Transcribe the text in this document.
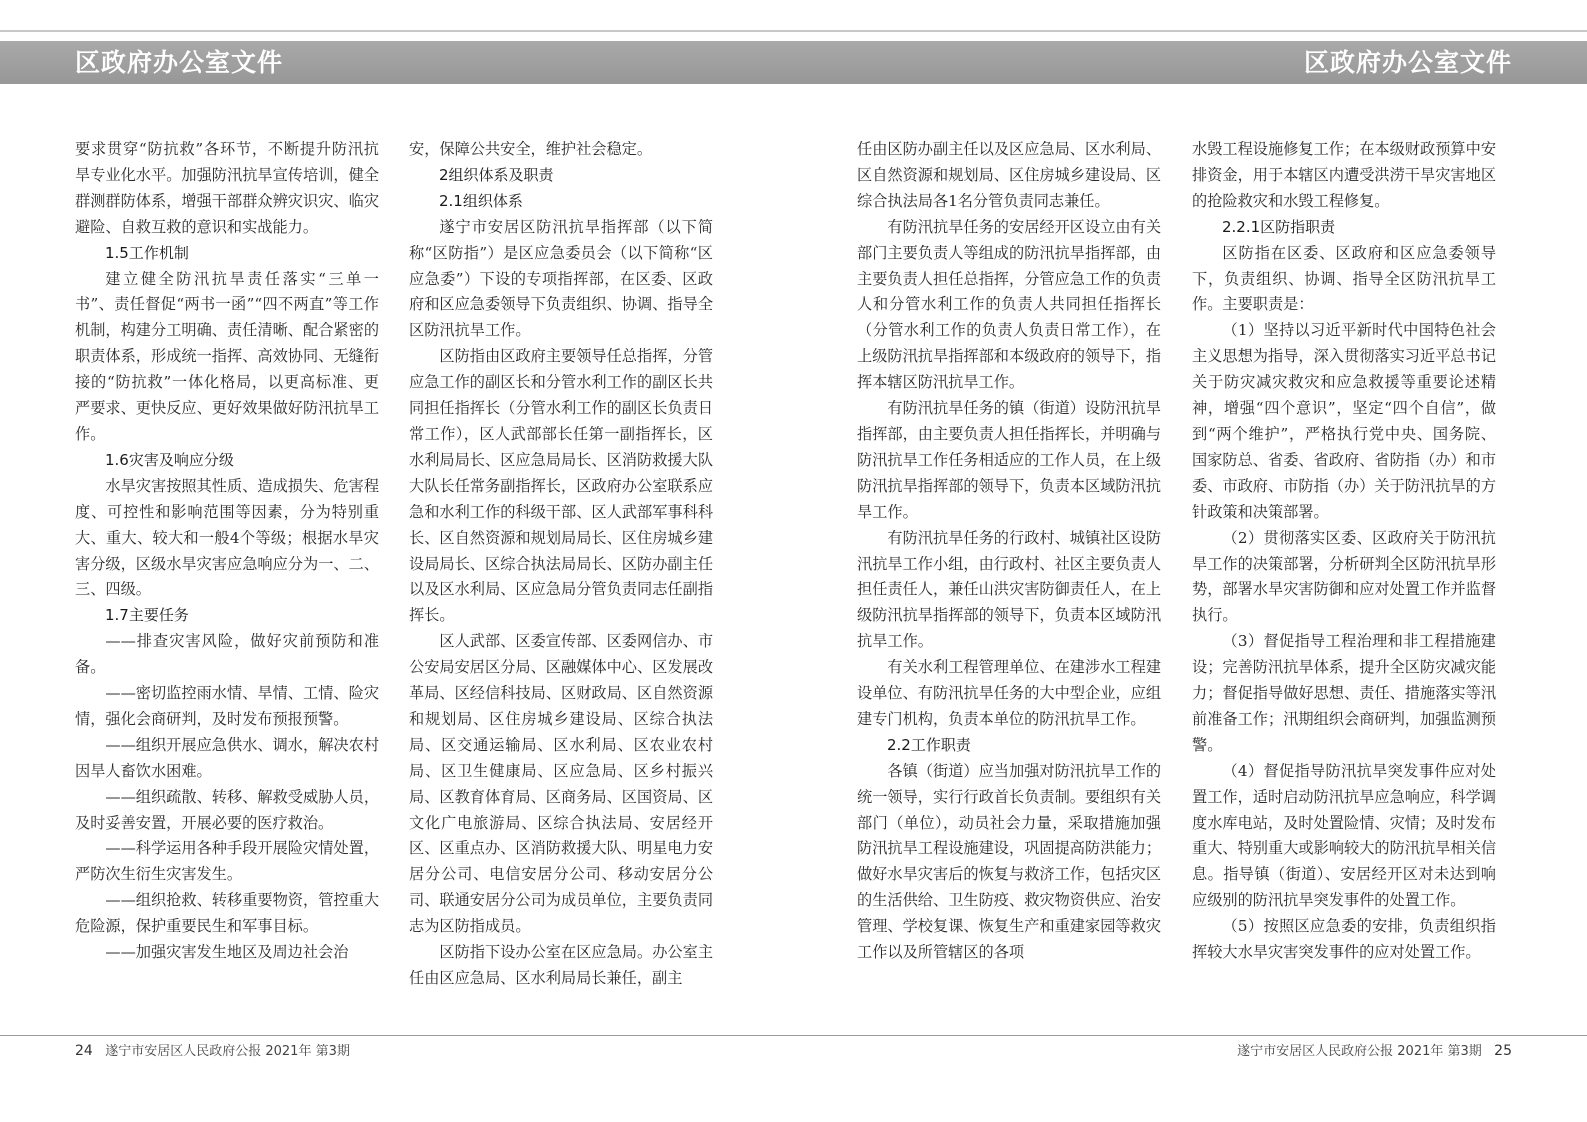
区政府办公室文件	区政府办公室文件

要求贯穿“防抗救”各环节，不断提升防汛抗旱专业化水平。加强防汛抗旱宣传培训，健全群测群防体系，增强干部群众辨灾识灾、临灾避险、自救互救的意识和实战能力。

1.5工作机制

建立健全防汛抗旱责任落实“三单一书”、责任督促“两书一函”“四不两直”等工作机制，构建分工明确、责任清晰、配合紧密的职责体系，形成统一指挥、高效协同、无缝衔接的“防抗救”一体化格局，以更高标准、更严要求、更快反应、更好效果做好防汛抗旱工作。

1.6灾害及响应分级

水旱灾害按照其性质、造成损失、危害程度、可控性和影响范围等因素，分为特别重大、重大、较大和一般4个等级；根据水旱灾害分级，区级水旱灾害应急响应分为一、二、三、四级。

1.7主要任务

——排查灾害风险，做好灾前预防和准备。

——密切监控雨水情、旱情、工情、险灾情，强化会商研判，及时发布预报预警。

——组织开展应急供水、调水，解决农村因旱人畜饮水困难。

——组织疏散、转移、解救受威胁人员，及时妥善安置，开展必要的医疗救治。

——科学运用各种手段开展险灾情处置，严防次生衍生灾害发生。

——组织抢救、转移重要物资，管控重大危险源，保护重要民生和军事目标。

——加强灾害发生地区及周边社会治

安，保障公共安全，维护社会稳定。

2组织体系及职责
2.1组织体系

遂宁市安居区防汛抗旱指挥部（以下简称“区防指”）是区应急委员会（以下简称“区应急委”）下设的专项指挥部，在区委、区政府和区应急委领导下负责组织、协调、指导全区防汛抗旱工作。

区防指由区政府主要领导任总指挥，分管应急工作的副区长和分管水利工作的副区长共同担任指挥长（分管水利工作的副区长负责日常工作），区人武部部长任第一副指挥长，区水利局局长、区应急局局长、区消防救援大队大队长任常务副指挥长，区政府办公室联系应急和水利工作的科级干部、区人武部军事科科长、区自然资源和规划局局长、区住房城乡建设局局长、区综合执法局局长、区防办副主任以及区水利局、区应急局分管负责同志任副指挥长。

区人武部、区委宣传部、区委网信办、市公安局安居区分局、区融媒体中心、区发展改革局、区经信科技局、区财政局、区自然资源和规划局、区住房城乡建设局、区综合执法局、区交通运输局、区水利局、区农业农村局、区卫生健康局、区应急局、区乡村振兴局、区教育体育局、区商务局、区国资局、区文化广电旅游局、区综合执法局、安居经开区、区重点办、区消防救援大队、明星电力安居分公司、电信安居分公司、移动安居分公司、联通安居分公司为成员单位，主要负责同志为区防指成员。

区防指下设办公室在区应急局。办公室主任由区应急局、区水利局局长兼任，副主

任由区防办副主任以及区应急局、区水利局、区自然资源和规划局、区住房城乡建设局、区综合执法局各1名分管负责同志兼任。

有防汛抗旱任务的安居经开区设立由有关部门主要负责人等组成的防汛抗旱指挥部，由主要负责人担任总指挥，分管应急工作的负责人和分管水利工作的负责人共同担任指挥长（分管水利工作的负责人负责日常工作），在上级防汛抗旱指挥部和本级政府的领导下，指挥本辖区防汛抗旱工作。

有防汛抗旱任务的镇（街道）设防汛抗旱指挥部，由主要负责人担任指挥长，并明确与防汛抗旱工作任务相适应的工作人员，在上级防汛抗旱指挥部的领导下，负责本区域防汛抗旱工作。

有防汛抗旱任务的行政村、城镇社区设防汛抗旱工作小组，由行政村、社区主要负责人担任责任人，兼任山洪灾害防御责任人，在上级防汛抗旱指挥部的领导下，负责本区域防汛抗旱工作。

有关水利工程管理单位、在建涉水工程建设单位、有防汛抗旱任务的大中型企业，应组建专门机构，负责本单位的防汛抗旱工作。

2.2工作职责

各镇（街道）应当加强对防汛抗旱工作的统一领导，实行行政首长负责制。要组织有关部门（单位），动员社会力量，采取措施加强防汛抗旱工程设施建设，巩固提高防洪能力；做好水旱灾害后的恢复与救济工作，包括灾区的生活供给、卫生防疫、救灾物资供应、治安管理、学校复课、恢复生产和重建家园等救灾工作以及所管辖区的各项

水毁工程设施修复工作；在本级财政预算中安排资金，用于本辖区内遭受洪涝干旱灾害地区的抢险救灾和水毁工程修复。

2.2.1区防指职责

区防指在区委、区政府和区应急委领导下，负责组织、协调、指导全区防汛抗旱工作。主要职责是：

（1）坚持以习近平新时代中国特色社会主义思想为指导，深入贯彻落实习近平总书记关于防灾减灾救灾和应急救援等重要论述精神，增强“四个意识”，坚定“四个自信”，做到“两个维护”，严格执行党中央、国务院、国家防总、省委、省政府、省防指（办）和市委、市政府、市防指（办）关于防汛抗旱的方针政策和决策部署。

（2）贯彻落实区委、区政府关于防汛抗旱工作的决策部署，分析研判全区防汛抗旱形势，部署水旱灾害防御和应对处置工作并监督执行。

（3）督促指导工程治理和非工程措施建设；完善防汛抗旱体系，提升全区防灾减灾能力；督促指导做好思想、责任、措施落实等汛前准备工作；汛期组织会商研判，加强监测预警。

（4）督促指导防汛抗旱突发事件应对处置工作，适时启动防汛抗旱应急响应，科学调度水库电站，及时处置险情、灾情；及时发布重大、特别重大或影响较大的防汛抗旱相关信息。指导镇（街道）、安居经开区对未达到响应级别的防汛抗旱突发事件的处置工作。

（5）按照区应急委的安排，负责组织指挥较大水旱灾害突发事件的应对处置工作。

24 遂宁市安居区人民政府公报 2021年 第3期	遂宁市安居区人民政府公报 2021年 第3期 25
